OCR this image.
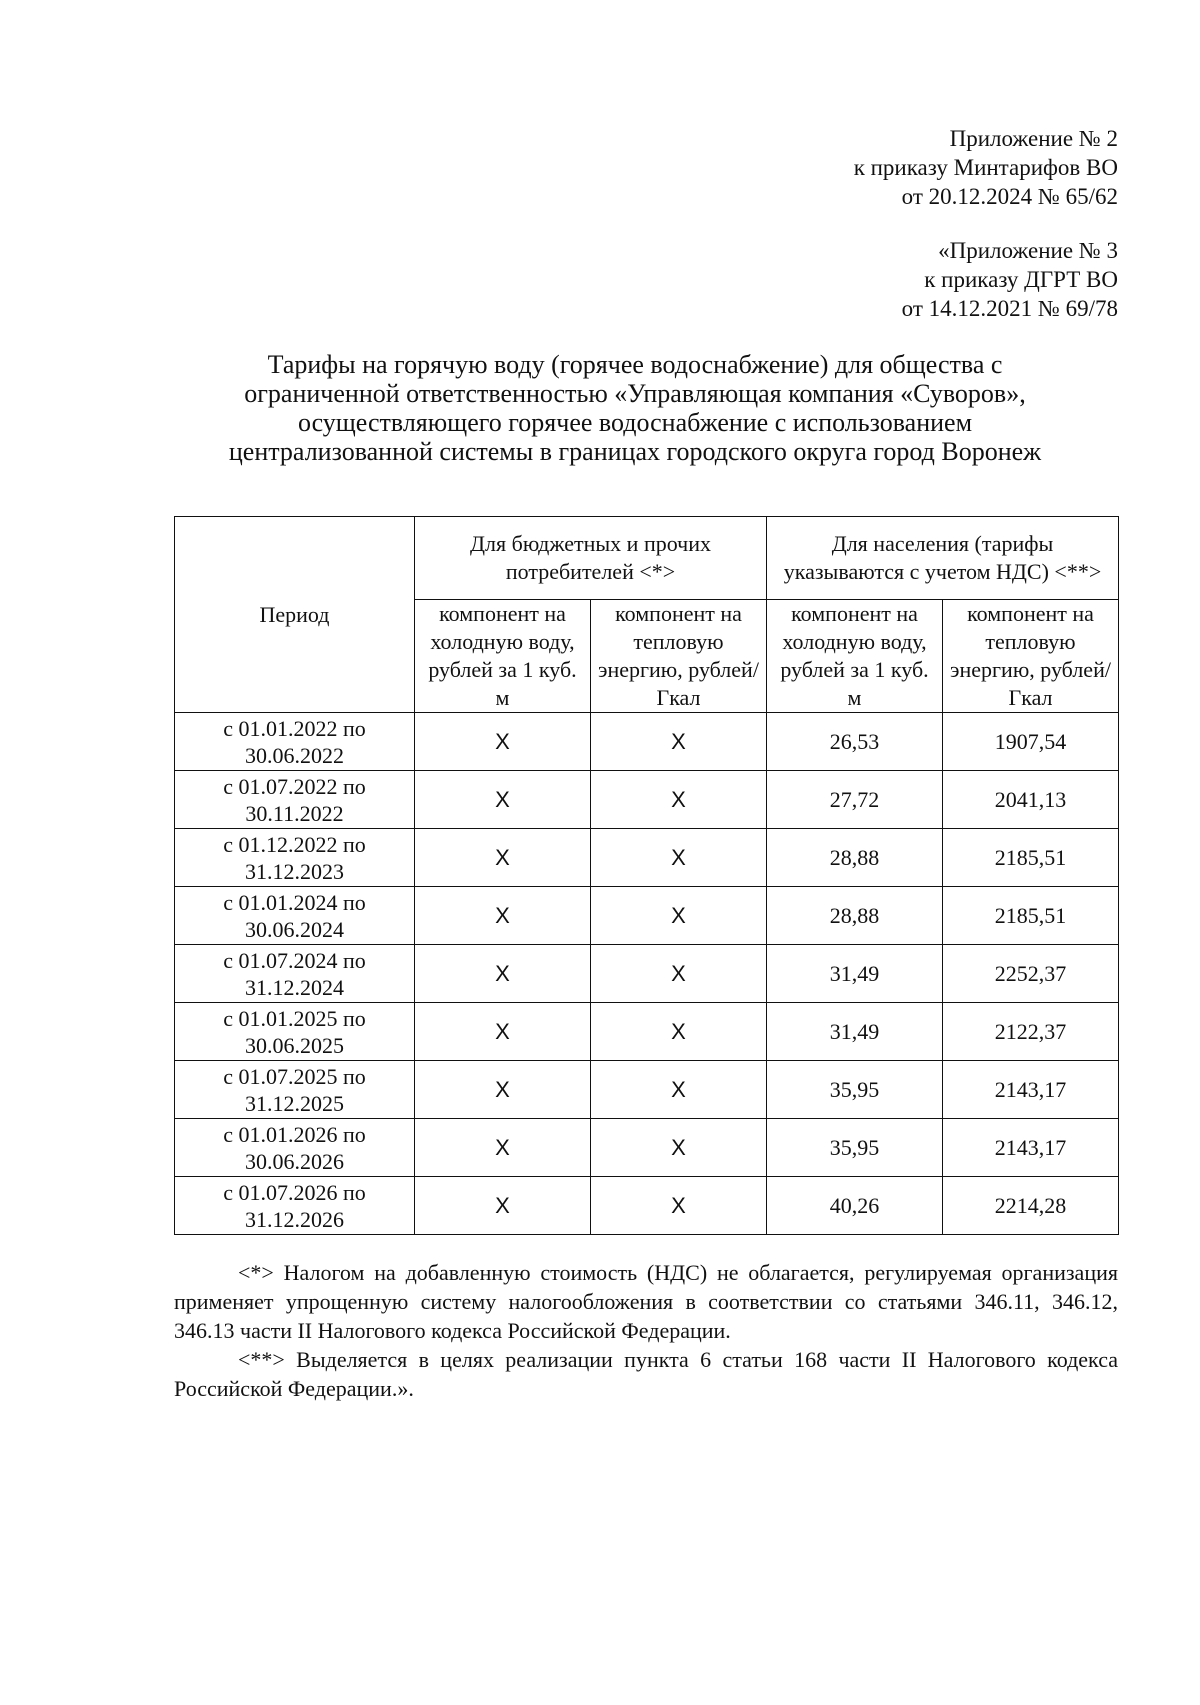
Приложение № 2
к приказу Минтарифов ВО
от 20.12.2024 № 65/62
«Приложение № 3
к приказу ДГРТ ВО
от 14.12.2021 № 69/78
Тарифы на горячую воду (горячее водоснабжение) для общества с
ограниченной ответственностью «Управляющая компания «Суворов»,
осуществляющего горячее водоснабжение с использованием
централизованной системы в границах городского округа город Воронеж
Период	Для бюджетных и прочих потребителей <*>		Для населения (тарифы указываются с учетом НДС) <**>	
	компонент на холодную воду, рублей за 1 куб. м	компонент на тепловую энергию, рублей/Гкал	компонент на холодную воду, рублей за 1 куб. м	компонент на тепловую энергию, рублей/Гкал
с 01.01.2022 по 30.06.2022	X	X	26,53	1907,54
с 01.07.2022 по 30.11.2022	X	X	27,72	2041,13
с 01.12.2022 по 31.12.2023	X	X	28,88	2185,51
с 01.01.2024 по 30.06.2024	X	X	28,88	2185,51
с 01.07.2024 по 31.12.2024	X	X	31,49	2252,37
с 01.01.2025 по 30.06.2025	X	X	31,49	2122,37
с 01.07.2025 по 31.12.2025	X	X	35,95	2143,17
с 01.01.2026 по 30.06.2026	X	X	35,95	2143,17
с 01.07.2026 по 31.12.2026	X	X	40,26	2214,28

<*> Налогом на добавленную стоимость (НДС) не облагается, регулируемая организация применяет упрощенную систему налогообложения в соответствии со статьями 346.11, 346.12, 346.13 части II Налогового кодекса Российской Федерации.

<**> Выделяется в целях реализации пункта 6 статьи 168 части II Налогового кодекса Российской Федерации.».
